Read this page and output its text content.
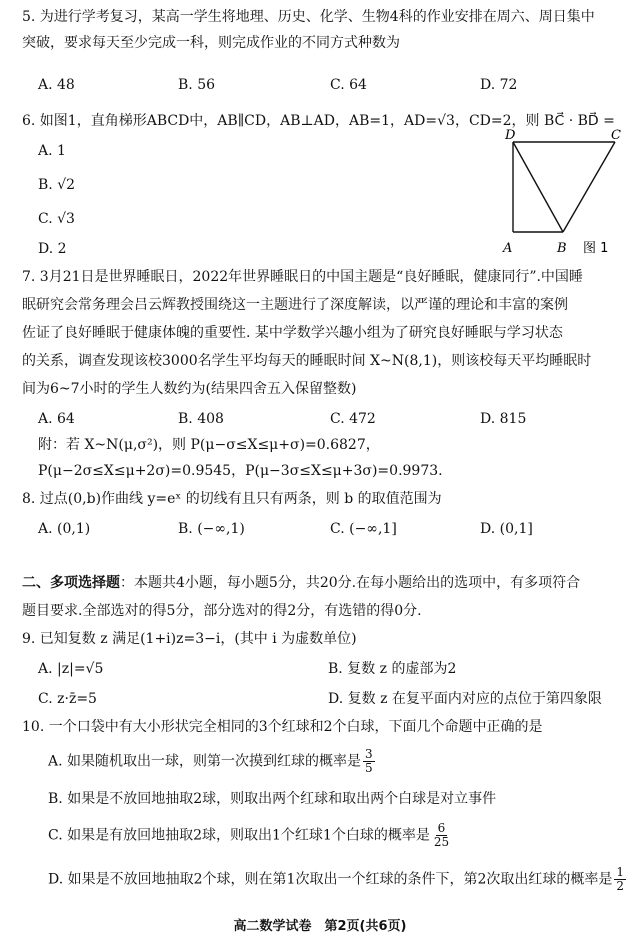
5. 为进行学考复习，某高一学生将地理、历史、化学、生物4科的作业安排在周六、周日集中
突破，要求每天至少完成一科，则完成作业的不同方式种数为
A. 48	B. 56	C. 64	D. 72
6. 如图1，直角梯形ABCD中，AB∥CD，AB⊥AD，AB=1，AD=√3，CD=2，则 BC⃗ · BD⃗ =
A. 1
B. √2
C. √3
D. 2
D	C
A	B 图 1
7. 3月21日是世界睡眠日，2022年世界睡眠日的中国主题是“良好睡眠，健康同行”.中国睡
眠研究会常务理会吕云辉教授围绕这一主题进行了深度解读，以严谨的理论和丰富的案例
佐证了良好睡眠于健康体魄的重要性. 某中学数学兴趣小组为了研究良好睡眠与学习状态
的关系，调查发现该校3000名学生平均每天的睡眠时间 X~N(8,1)，则该校每天平均睡眠时
间为6~7小时的学生人数约为(结果四舍五入保留整数)
A. 64	B. 408	C. 472	D. 815
附：若 X~N(μ,σ²)，则 P(μ−σ≤X≤μ+σ)=0.6827，
P(μ−2σ≤X≤μ+2σ)=0.9545，P(μ−3σ≤X≤μ+3σ)=0.9973.
8. 过点(0,b)作曲线 y=eˣ 的切线有且只有两条，则 b 的取值范围为
A. (0,1)	B. (−∞,1)	C. (−∞,1]	D. (0,1]
二、多项选择题：本题共4小题，每小题5分，共20分.在每小题给出的选项中，有多项符合
题目要求.全部选对的得5分，部分选对的得2分，有选错的得0分.
9. 已知复数 z 满足(1+i)z=3−i，(其中 i 为虚数单位)
A. |z|=√5	B. 复数 z 的虚部为2
C. z·z̄=5	D. 复数 z 在复平面内对应的点位于第四象限
10. 一个口袋中有大小形状完全相同的3个红球和2个白球，下面几个命题中正确的是
A. 如果随机取出一球，则第一次摸到红球的概率是 $\frac{3}{5}$
B. 如果是不放回地抽取2球，则取出两个红球和取出两个白球是对立事件
C. 如果是有放回地抽取2球，则取出1个红球1个白球的概率是 $\frac{6}{25}$
D. 如果是不放回地抽取2个球，则在第1次取出一个红球的条件下，第2次取出红球的概率是 $\frac{1}{2}$
高二数学试卷　第2页(共6页)
